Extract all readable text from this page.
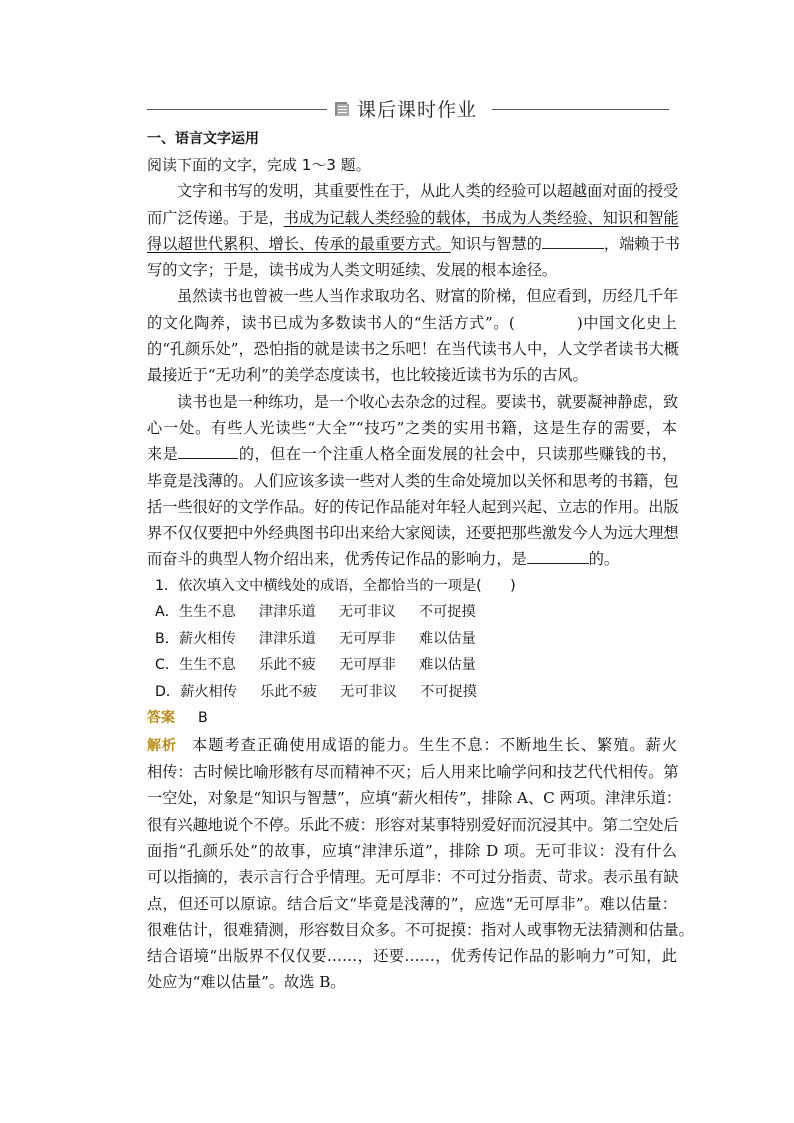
课后课时作业
一、语言文字运用
阅读下面的文字，完成 1～3 题。
文字和书写的发明，其重要性在于，从此人类的经验可以超越面对面的授受
而广泛传递。于是，书成为记载人类经验的载体，书成为人类经验、知识和智能
得以超世代累积、增长、传承的最重要方式。知识与智慧的	，端赖于书
写的文字；于是，读书成为人类文明延续、发展的根本途径。
虽然读书也曾被一些人当作求取功名、财富的阶梯，但应看到，历经几千年
的文化陶养，读书已成为多数读书人的“生活方式”。(	)中国文化史上
的“孔颜乐处”，恐怕指的就是读书之乐吧！在当代读书人中，人文学者读书大概
最接近于“无功利”的美学态度读书，也比较接近读书为乐的古风。
读书也是一种练功，是一个收心去杂念的过程。要读书，就要凝神静虑，致
心一处。有些人光读些“大全”“技巧”之类的实用书籍，这是生存的需要，本
来是	的，但在一个注重人格全面发展的社会中，只读那些赚钱的书，
毕竟是浅薄的。人们应该多读一些对人类的生命处境加以关怀和思考的书籍，包
括一些很好的文学作品。好的传记作品能对年轻人起到兴起、立志的作用。出版
界不仅仅要把中外经典图书印出来给大家阅读，还要把那些激发今人为远大理想
而奋斗的典型人物介绍出来，优秀传记作品的影响力，是	的。
1．依次填入文中横线处的成语，全都恰当的一项是(　　)
A．生生不息 津津乐道 无可非议 不可捉摸
B．薪火相传 津津乐道 无可厚非 难以估量
C．生生不息 乐此不疲 无可厚非 难以估量
D．薪火相传 乐此不疲 无可非议 不可捉摸
答案 B
解析 本题考查正确使用成语的能力。生生不息：不断地生长、繁殖。薪火
相传：古时候比喻形骸有尽而精神不灭；后人用来比喻学问和技艺代代相传。第
一空处，对象是“知识与智慧”，应填“薪火相传”，排除 A、C 两项。津津乐道：
很有兴趣地说个不停。乐此不疲：形容对某事特别爱好而沉浸其中。第二空处后
面指“孔颜乐处”的故事，应填“津津乐道”，排除 D 项。无可非议：没有什么
可以指摘的，表示言行合乎情理。无可厚非：不可过分指责、苛求。表示虽有缺
点，但还可以原谅。结合后文“毕竟是浅薄的”，应选“无可厚非”。难以估量：
很难估计，很难猜测，形容数目众多。不可捉摸：指对人或事物无法猜测和估量。
结合语境“出版界不仅仅要……，还要……，优秀传记作品的影响力”可知，此
处应为“难以估量”。故选 B。
